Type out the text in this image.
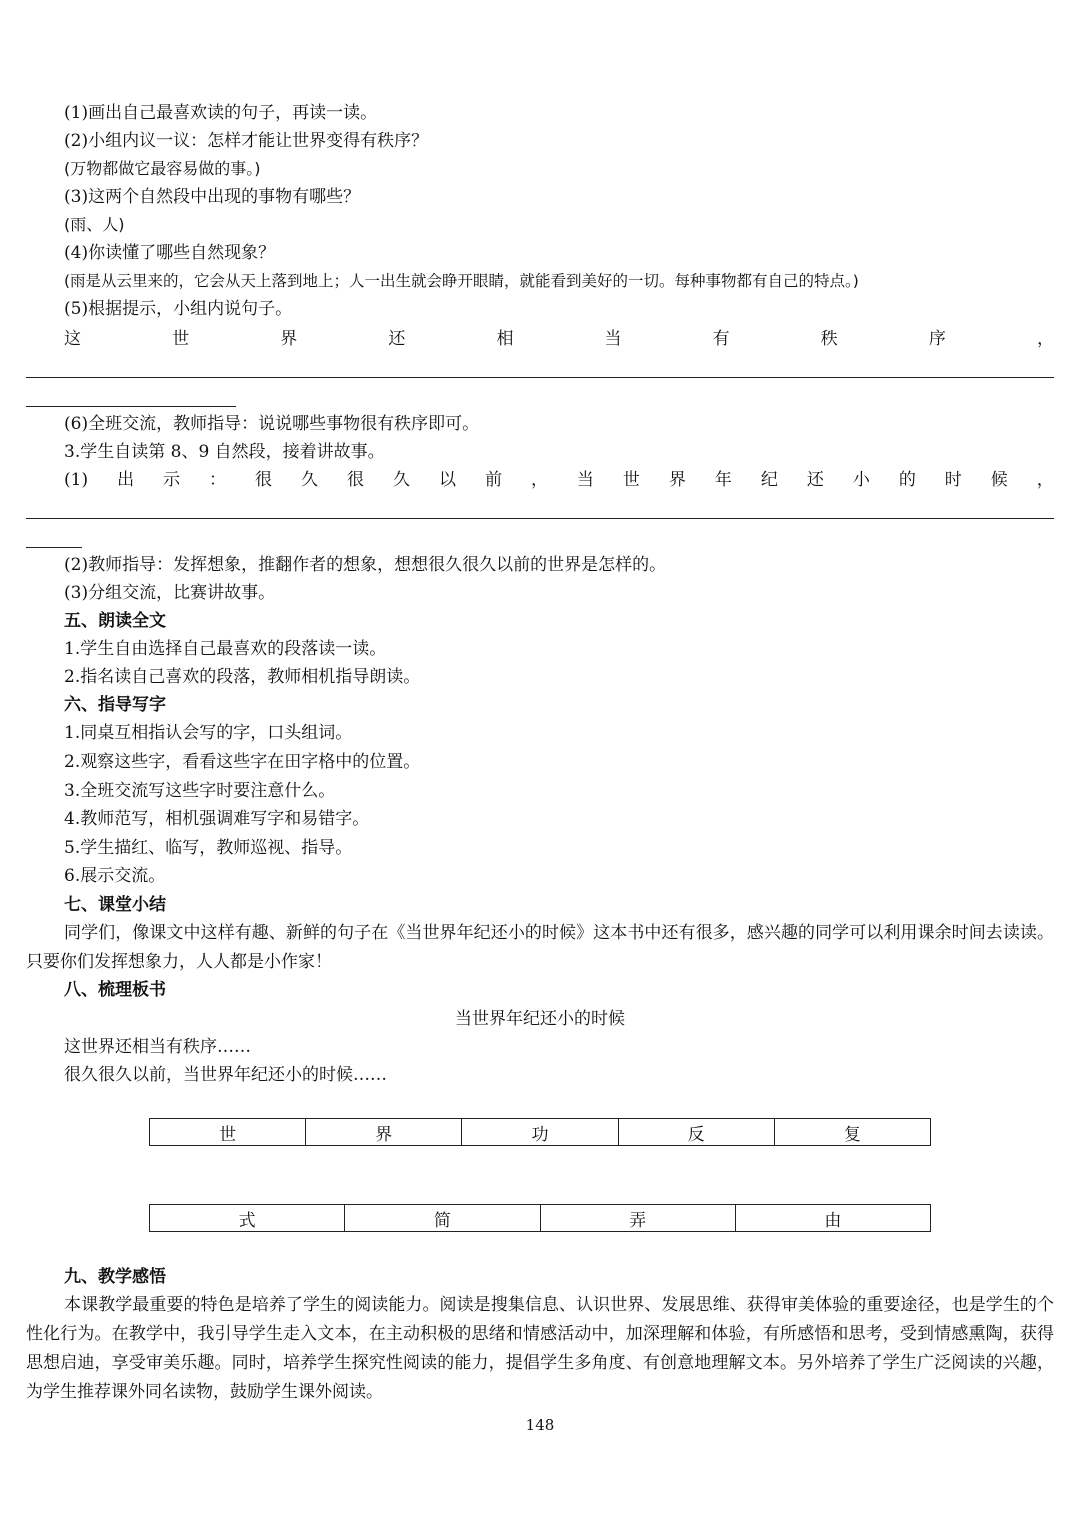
(1)画出自己最喜欢读的句子，再读一读。
(2)小组内议一议：怎样才能让世界变得有秩序？
(万物都做它最容易做的事。)
(3)这两个自然段中出现的事物有哪些？
(雨、人)
(4)你读懂了哪些自然现象？
(雨是从云里来的，它会从天上落到地上；人一出生就会睁开眼睛，就能看到美好的一切。每种事物都有自己的特点。)
(5)根据提示，小组内说句子。
这	世	界	还	相	当	有	秩	序	，
(6)全班交流，教师指导：说说哪些事物很有秩序即可。
3.学生自读第 8、9 自然段，接着讲故事。
(1) 出 示 ： 很 久 很 久 以 前 ， 当 世 界 年 纪 还 小 的 时 候 ，
(2)教师指导：发挥想象，推翻作者的想象，想想很久很久以前的世界是怎样的。
(3)分组交流，比赛讲故事。
五、朗读全文
1.学生自由选择自己最喜欢的段落读一读。
2.指名读自己喜欢的段落，教师相机指导朗读。
六、指导写字
1.同桌互相指认会写的字，口头组词。
2.观察这些字，看看这些字在田字格中的位置。
3.全班交流写这些字时要注意什么。
4.教师范写，相机强调难写字和易错字。
5.学生描红、临写，教师巡视、指导。
6.展示交流。
七、课堂小结
同学们，像课文中这样有趣、新鲜的句子在《当世界年纪还小的时候》这本书中还有很多，感兴趣的同学可以利用课余时间去读读。只要你们发挥想象力，人人都是小作家！
八、梳理板书
当世界年纪还小的时候
这世界还相当有秩序……
很久很久以前，当世界年纪还小的时候……
世	界	功	反	复
式	简	弄	由
九、教学感悟
本课教学最重要的特色是培养了学生的阅读能力。阅读是搜集信息、认识世界、发展思维、获得审美体验的重要途径，也是学生的个性化行为。在教学中，我引导学生走入文本，在主动积极的思绪和情感活动中，加深理解和体验，有所感悟和思考，受到情感熏陶，获得思想启迪，享受审美乐趣。同时，培养学生探究性阅读的能力，提倡学生多角度、有创意地理解文本。另外培养了学生广泛阅读的兴趣，为学生推荐课外同名读物，鼓励学生课外阅读。
148
